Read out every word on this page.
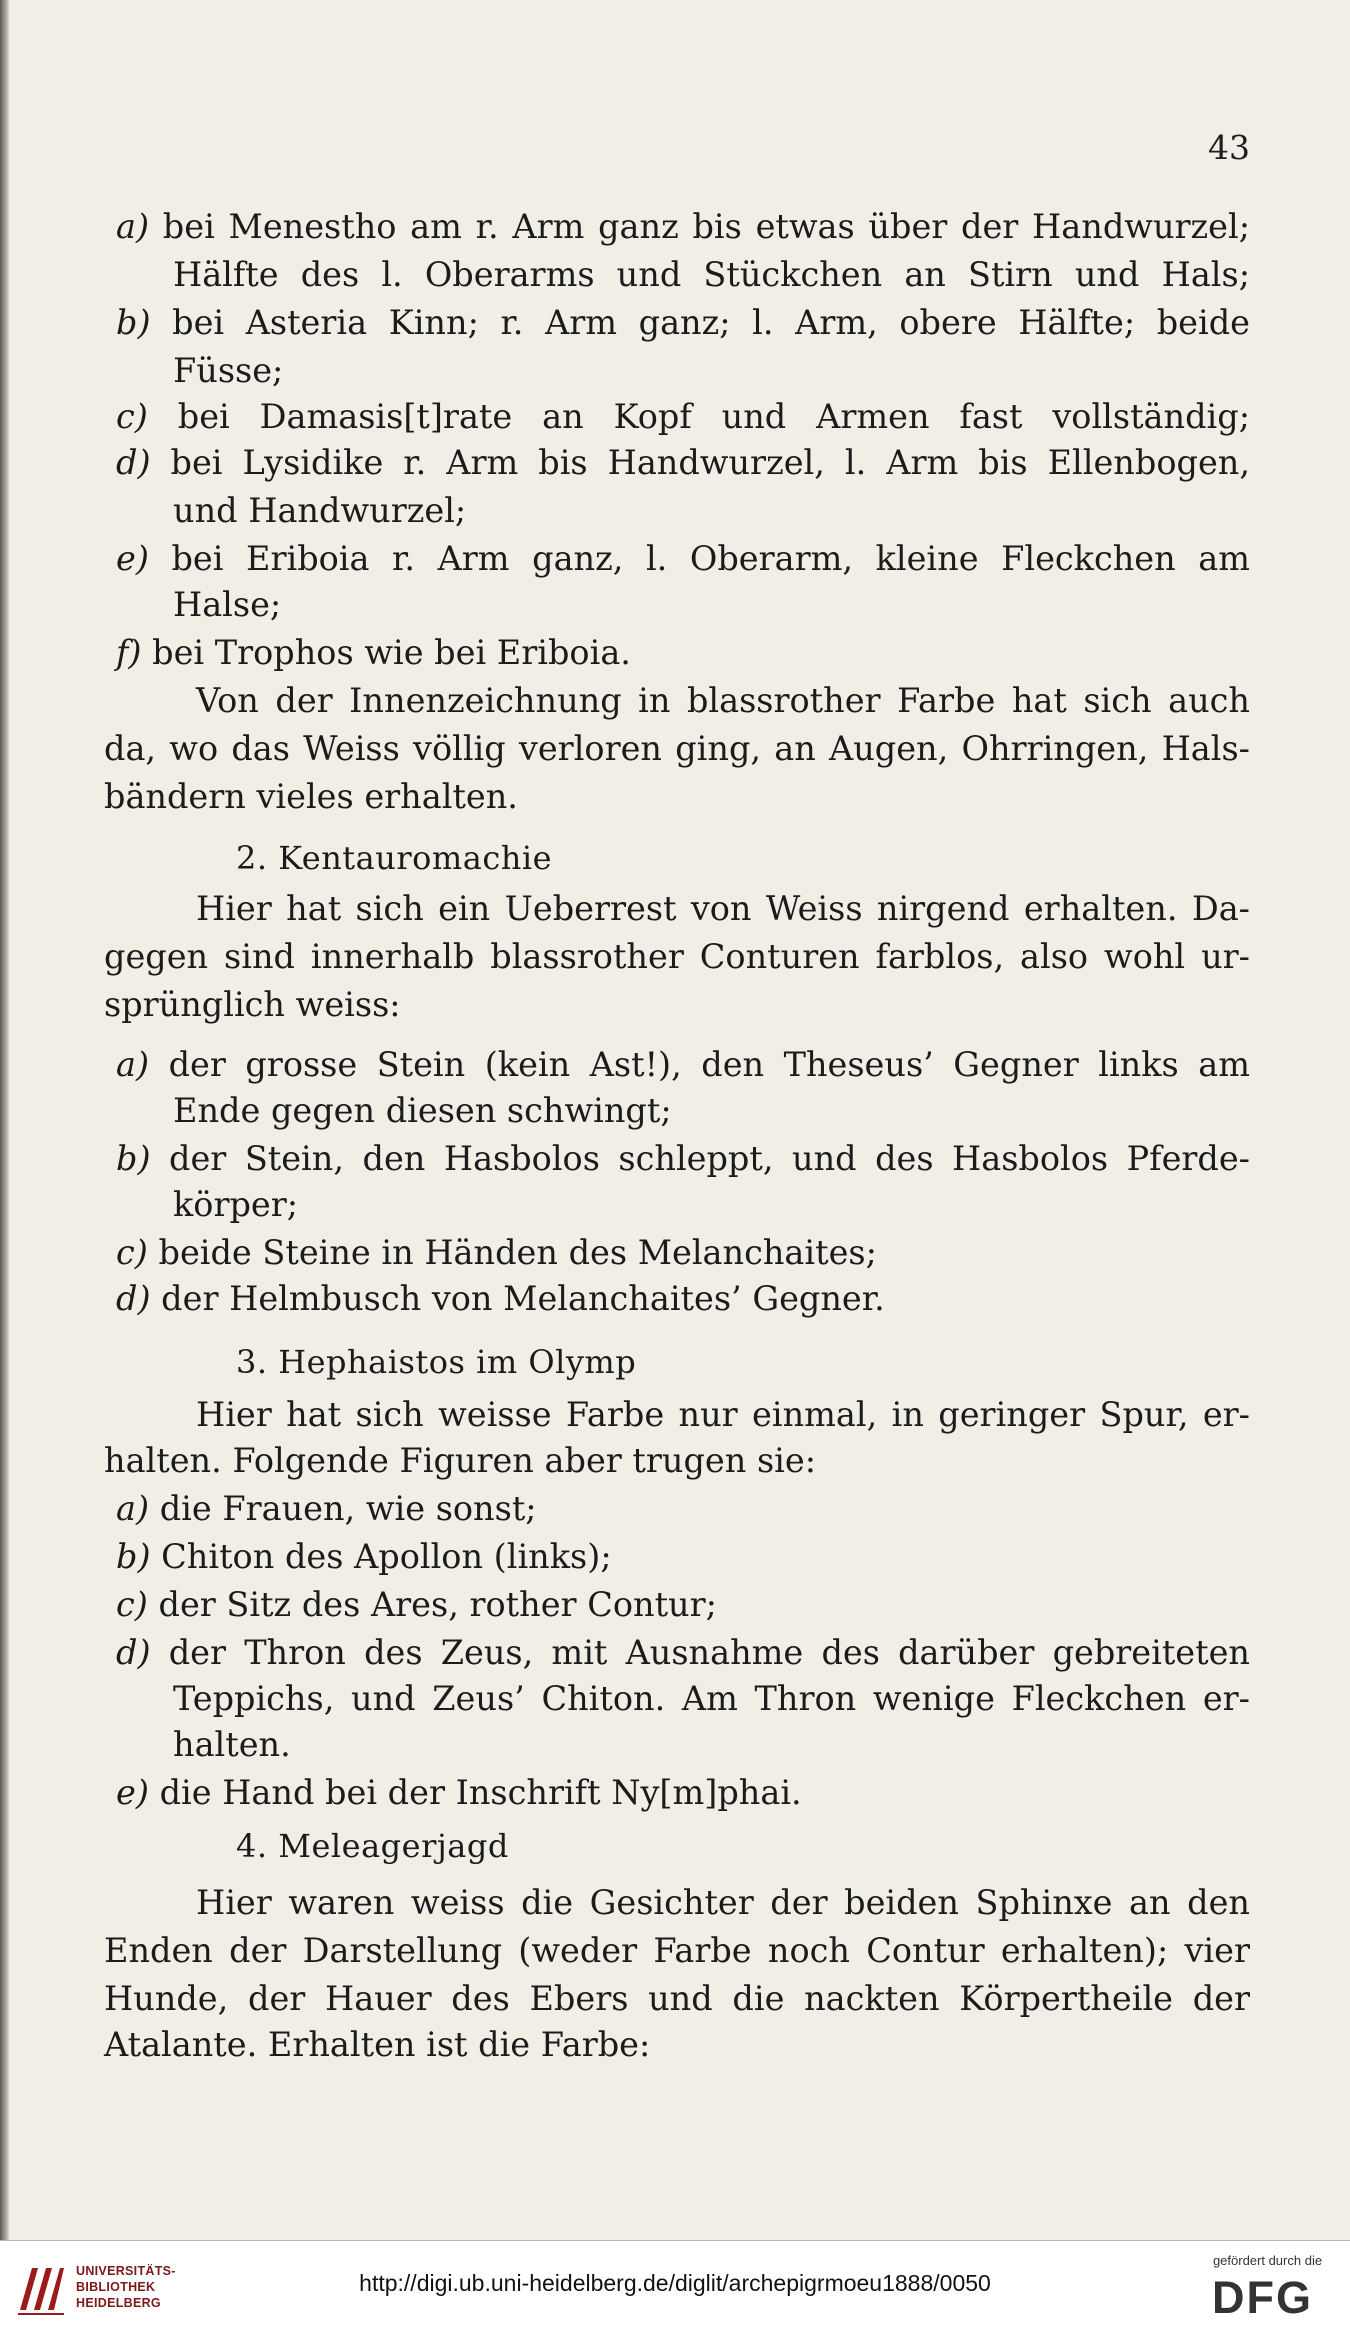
43
a) bei Menestho am r. Arm ganz bis etwas über der Handwurzel;
Hälfte des l. Oberarms und Stückchen an Stirn und Hals;
b) bei Asteria Kinn; r. Arm ganz; l. Arm, obere Hälfte; beide
Füsse;
c) bei Damasis[t]rate an Kopf und Armen fast vollständig;
d) bei Lysidike r. Arm bis Handwurzel, l. Arm bis Ellenbogen,
und Handwurzel;
e) bei Eriboia r. Arm ganz, l. Oberarm, kleine Fleckchen am
Halse;
f) bei Trophos wie bei Eriboia.
Von der Innenzeichnung in blassrother Farbe hat sich auch
da, wo das Weiss völlig verloren ging, an Augen, Ohrringen, Hals-
bändern vieles erhalten.
2. Kentauromachie
Hier hat sich ein Ueberrest von Weiss nirgend erhalten. Da-
gegen sind innerhalb blassrother Conturen farblos, also wohl ur-
sprünglich weiss:
a) der grosse Stein (kein Ast!), den Theseus’ Gegner links am
Ende gegen diesen schwingt;
b) der Stein, den Hasbolos schleppt, und des Hasbolos Pferde-
körper;
c) beide Steine in Händen des Melanchaites;
d) der Helmbusch von Melanchaites’ Gegner.
3. Hephaistos im Olymp
Hier hat sich weisse Farbe nur einmal, in geringer Spur, er-
halten. Folgende Figuren aber trugen sie:
a) die Frauen, wie sonst;
b) Chiton des Apollon (links);
c) der Sitz des Ares, rother Contur;
d) der Thron des Zeus, mit Ausnahme des darüber gebreiteten
Teppichs, und Zeus’ Chiton. Am Thron wenige Fleckchen er-
halten.
e) die Hand bei der Inschrift Ny[m]phai.
4. Meleagerjagd
Hier waren weiss die Gesichter der beiden Sphinxe an den
Enden der Darstellung (weder Farbe noch Contur erhalten); vier
Hunde, der Hauer des Ebers und die nackten Körpertheile der
Atalante. Erhalten ist die Farbe:
UNIVERSITÄTS-
BIBLIOTHEK
HEIDELBERG
http://digi.ub.uni-heidelberg.de/diglit/archepigrmoeu1888/0050
gefördert durch die
DFG
